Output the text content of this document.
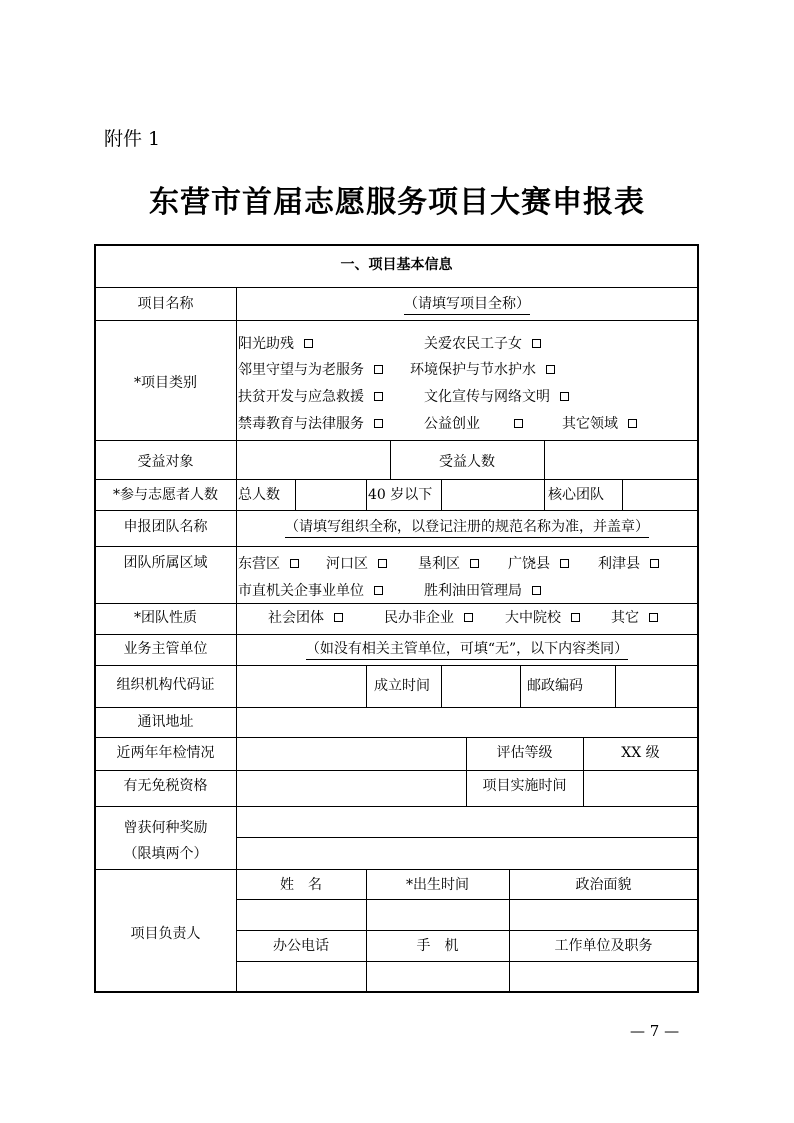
附件 1
东营市首届志愿服务项目大赛申报表
一、项目基本信息
项目名称	（请填写项目全称）
*项目类别
阳光助残	关爱农民工子女
邻里守望与为老服务	环境保护与节水护水
扶贫开发与应急救援	文化宣传与网络文明
禁毒教育与法律服务	公益创业	其它领域
受益对象	受益人数
*参与志愿者人数	总人数	40 岁以下	核心团队
申报团队名称	（请填写组织全称，以登记注册的规范名称为准，并盖章）
团队所属区域	东营区	河口区	垦利区	广饶县	利津县
市直机关企事业单位	胜利油田管理局
*团队性质	社会团体	民办非企业	大中院校	其它
业务主管单位	（如没有相关主管单位，可填“无”，以下内容类同）
组织机构代码证	成立时间	邮政编码
通讯地址
近两年年检情况	评估等级	XX 级
有无免税资格	项目实施时间
曾获何种奖励
（限填两个）
项目负责人
姓　名	*出生时间	政治面貌
办公电话	手　机	工作单位及职务
— 7 —
